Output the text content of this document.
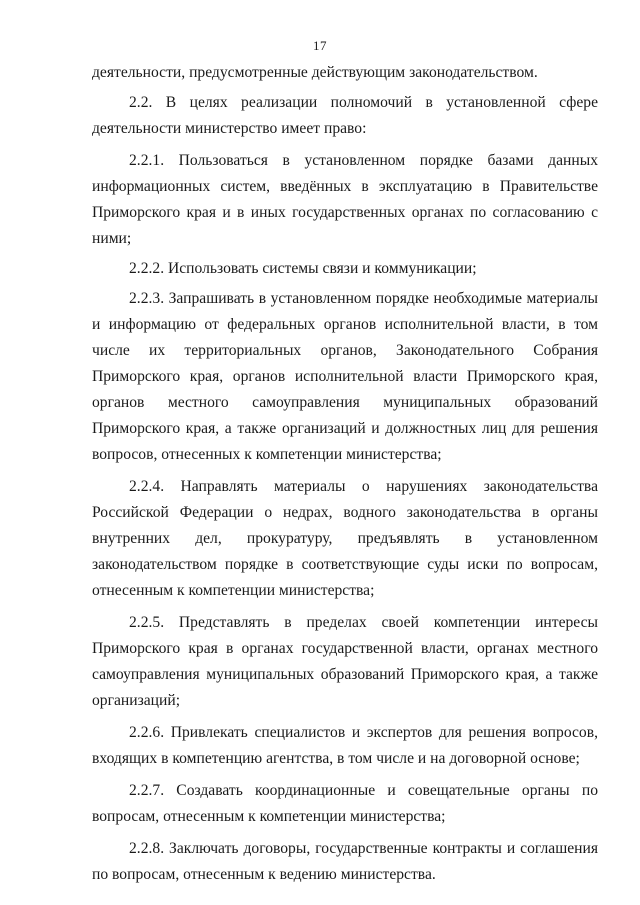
17

деятельности, предусмотренные действующим законодательством.

2.2. В целях реализации полномочий в установленной сфере деятельности министерство имеет право:

2.2.1. Пользоваться в установленном порядке базами данных информационных систем, введённых в эксплуатацию в Правительстве Приморского края и в иных государственных органах по согласованию с ними;

2.2.2. Использовать системы связи и коммуникации;

2.2.3. Запрашивать в установленном порядке необходимые материалы и информацию от федеральных органов исполнительной власти, в том числе их территориальных органов, Законодательного Собрания Приморского края, органов исполнительной власти Приморского края, органов местного самоуправления муниципальных образований Приморского края, а также организаций и должностных лиц для решения вопросов, отнесенных к компетенции министерства;

2.2.4. Направлять материалы о нарушениях законодательства Российской Федерации о недрах, водного законодательства в органы внутренних дел, прокуратуру, предъявлять в установленном законодательством порядке в соответствующие суды иски по вопросам, отнесенным к компетенции министерства;

2.2.5. Представлять в пределах своей компетенции интересы Приморского края в органах государственной власти, органах местного самоуправления муниципальных образований Приморского края, а также организаций;

2.2.6. Привлекать специалистов и экспертов для решения вопросов, входящих в компетенцию агентства, в том числе и на договорной основе;

2.2.7. Создавать координационные и совещательные органы по вопросам, отнесенным к компетенции министерства;

2.2.8. Заключать договоры, государственные контракты и соглашения по вопросам, отнесенным к ведению министерства.
